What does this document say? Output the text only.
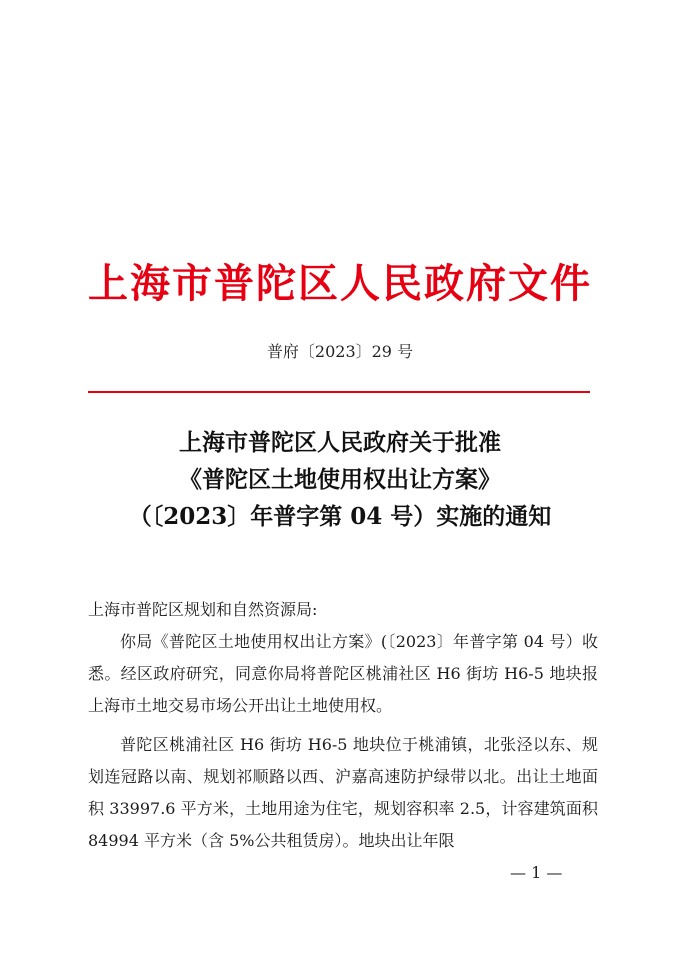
上海市普陀区人民政府文件
普府〔2023〕29 号
上海市普陀区人民政府关于批准
《普陀区土地使用权出让方案》
（〔2023〕年普字第 04 号）实施的通知

上海市普陀区规划和自然资源局:

你局《普陀区土地使用权出让方案》(〔2023〕年普字第 04 号）收悉。经区政府研究，同意你局将普陀区桃浦社区 H6 街坊 H6-5 地块报上海市土地交易市场公开出让土地使用权。

普陀区桃浦社区 H6 街坊 H6-5 地块位于桃浦镇，北张泾以东、规划连冠路以南、规划祁顺路以西、沪嘉高速防护绿带以北。出让土地面积 33997.6 平方米，土地用途为住宅，规划容积率 2.5，计容建筑面积 84994 平方米（含 5%公共租赁房）。地块出让年限

— 1 —
